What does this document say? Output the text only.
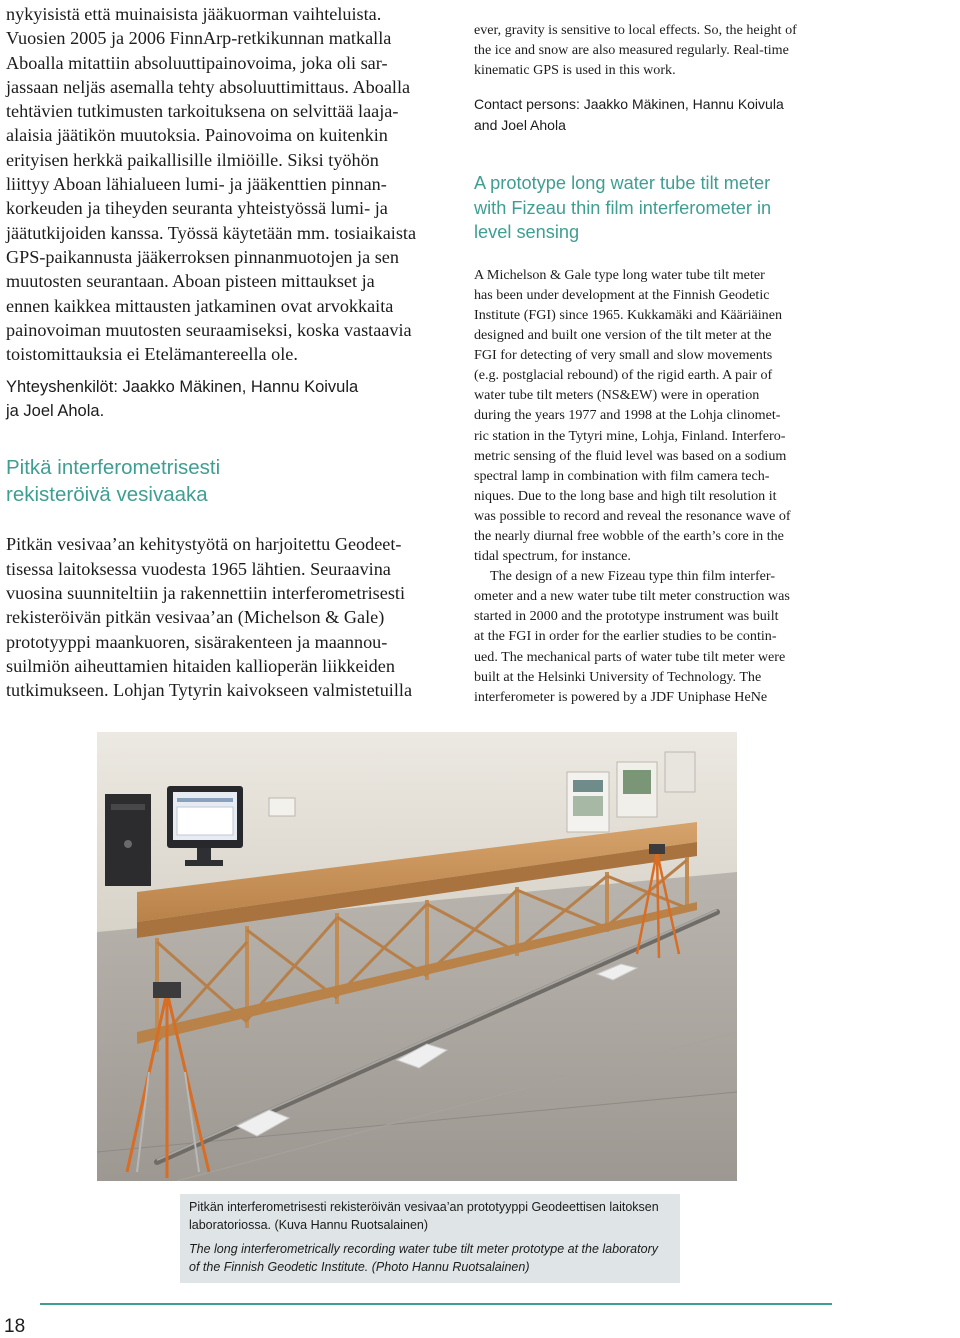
nykyisistä että muinaisista jääkuorman vaihteluista.
Vuosien 2005 ja 2006 FinnArp-retkikunnan matkalla
Aboalla mitattiin absoluuttipainovoima, joka oli sar-
jassaan neljäs asemalla tehty absoluuttimittaus. Aboalla
tehtävien tutkimusten tarkoituksena on selvittää laaja-
alaisia jäätikön muutoksia. Painovoima on kuitenkin
erityisen herkkä paikallisille ilmiöille. Siksi työhön
liittyy Aboan lähialueen lumi- ja jääkenttien pinnan-
korkeuden ja tiheyden seuranta yhteistyössä lumi- ja
jäätutkijoiden kanssa. Työssä käytetään mm. tosiaikaista
GPS-paikannusta jääkerroksen pinnanmuotojen ja sen
muutosten seurantaan. Aboan pisteen mittaukset ja
ennen kaikkea mittausten jatkaminen ovat arvokkaita
painovoiman muutosten seuraamiseksi, koska vastaavia
toistomittauksia ei Etelämantereella ole.

Yhteyshenkilöt: Jaakko Mäkinen, Hannu Koivula
ja Joel Ahola.

Pitkä interferometrisesti
rekisteröivä vesivaaka

Pitkän vesivaa’an kehitystyötä on harjoitettu Geodeet-
tisessa laitoksessa vuodesta 1965 lähtien. Seuraavina
vuosina suunniteltiin ja rakennettiin interferometrisesti
rekisteröivän pitkän vesivaa’an (Michelson & Gale)
prototyyppi maankuoren, sisärakenteen ja maannou-
suilmiön aiheuttamien hitaiden kallioperän liikkeiden
tutkimukseen. Lohjan Tytyrin kaivokseen valmistetuilla

ever, gravity is sensitive to local effects. So, the height of
the ice and snow are also measured regularly. Real-time
kinematic GPS is used in this work.

Contact persons: Jaakko Mäkinen, Hannu Koivula
and Joel Ahola

A prototype long water tube tilt meter
with Fizeau thin film interferometer in
level sensing

A Michelson & Gale type long water tube tilt meter
has been under development at the Finnish Geodetic
Institute (FGI) since 1965. Kukkamäki and Kääriäinen
designed and built one version of the tilt meter at the
FGI for detecting of very small and slow movements
(e.g. postglacial rebound) of the rigid earth. A pair of
water tube tilt meters (NS&EW) were in operation
during the years 1977 and 1998 at the Lohja clinomet-
ric station in the Tytyri mine, Lohja, Finland. Interfero-
metric sensing of the fluid level was based on a sodium
spectral lamp in combination with film camera tech-
niques. Due to the long base and high tilt resolution it
was possible to record and reveal the resonance wave of
the nearly diurnal free wobble of the earth’s core in the
tidal spectrum, for instance.

The design of a new Fizeau type thin film interfer-
ometer and a new water tube tilt meter construction was
started in 2000 and the prototype instrument was built
at the FGI in order for the earlier studies to be contin-
ued. The mechanical parts of water tube tilt meter were
built at the Helsinki University of Technology. The
interferometer is powered by a JDF Uniphase HeNe

Pitkän interferometrisesti rekisteröivän vesivaa’an prototyyppi Geodeettisen laitoksen laboratoriossa. (Kuva Hannu Ruotsalainen)

The long interferometrically recording water tube tilt meter prototype at the laboratory of the Finnish Geodetic Institute. (Photo Hannu Ruotsalainen)

18
